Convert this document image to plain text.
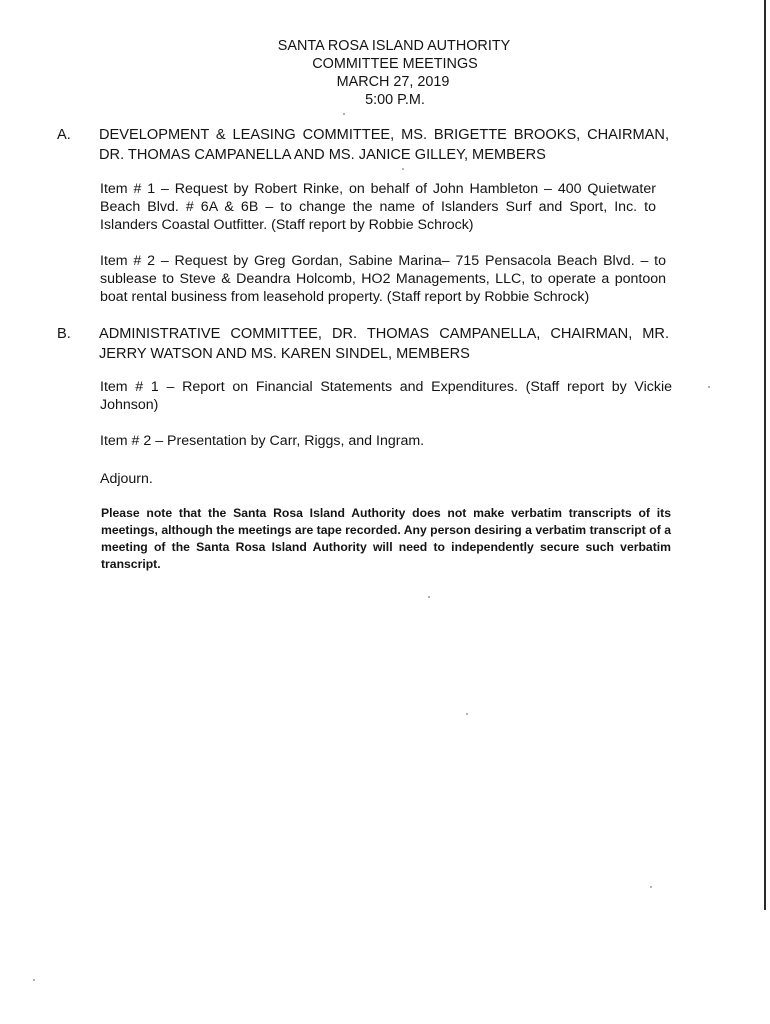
SANTA ROSA ISLAND AUTHORITY
COMMITTEE MEETINGS
MARCH 27, 2019
5:00 P.M.
A. DEVELOPMENT & LEASING COMMITTEE, MS. BRIGETTE BROOKS, CHAIRMAN, DR. THOMAS CAMPANELLA AND MS. JANICE GILLEY, MEMBERS
Item # 1 – Request by Robert Rinke, on behalf of John Hambleton – 400 Quietwater Beach Blvd. # 6A & 6B – to change the name of Islanders Surf and Sport, Inc. to Islanders Coastal Outfitter. (Staff report by Robbie Schrock)
Item # 2 – Request by Greg Gordan, Sabine Marina– 715 Pensacola Beach Blvd. – to sublease to Steve & Deandra Holcomb, HO2 Managements, LLC, to operate a pontoon boat rental business from leasehold property. (Staff report by Robbie Schrock)
B. ADMINISTRATIVE COMMITTEE, DR. THOMAS CAMPANELLA, CHAIRMAN, MR. JERRY WATSON AND MS. KAREN SINDEL, MEMBERS
Item # 1 – Report on Financial Statements and Expenditures. (Staff report by Vickie Johnson)
Item # 2 – Presentation by Carr, Riggs, and Ingram.
Adjourn.
Please note that the Santa Rosa Island Authority does not make verbatim transcripts of its meetings, although the meetings are tape recorded. Any person desiring a verbatim transcript of a meeting of the Santa Rosa Island Authority will need to independently secure such verbatim transcript.
